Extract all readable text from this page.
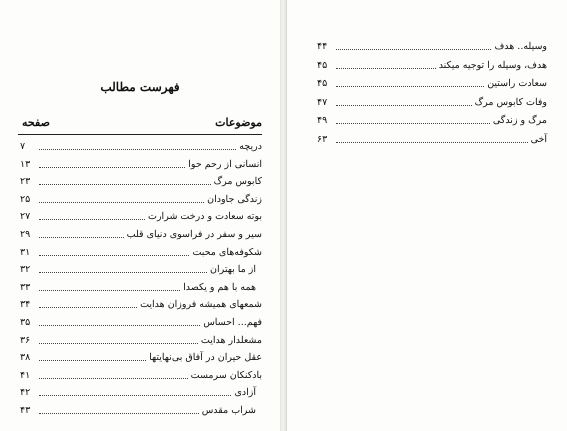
فهرست مطالب
موضوعات
صفحه
دریچه
۷
انسانی از رحم حوا
۱۳
کابوس مرگ
۲۳
زندگی جاودان
۲۵
بوته سعادت و درخت شرارت
۲۷
سیر و سفر در فراسوی دنیای قلب
۲۹
شکوفه‌های محبت
۳۱
از ما بهتران
۳۲
همه با هم و یکصدا
۳۳
شمعهای همیشه فروزان هدایت
۳۴
فهم... احساس
۳۵
مشعلدار هدایت
۳۶
عقل حیران در آفاق بی‌نهایتها
۳۸
بادکنکان سرمست
۴۱
آزادی
۴۲
شراب مقدس
۴۳
وسیله.. هدف
۴۴
هدف، وسیله را توجیه میکند
۴۵
سعادت راستین
۴۵
وفات کابوس مرگ
۴۷
مرگ و زندگی
۴۹
آخی
۶۳
